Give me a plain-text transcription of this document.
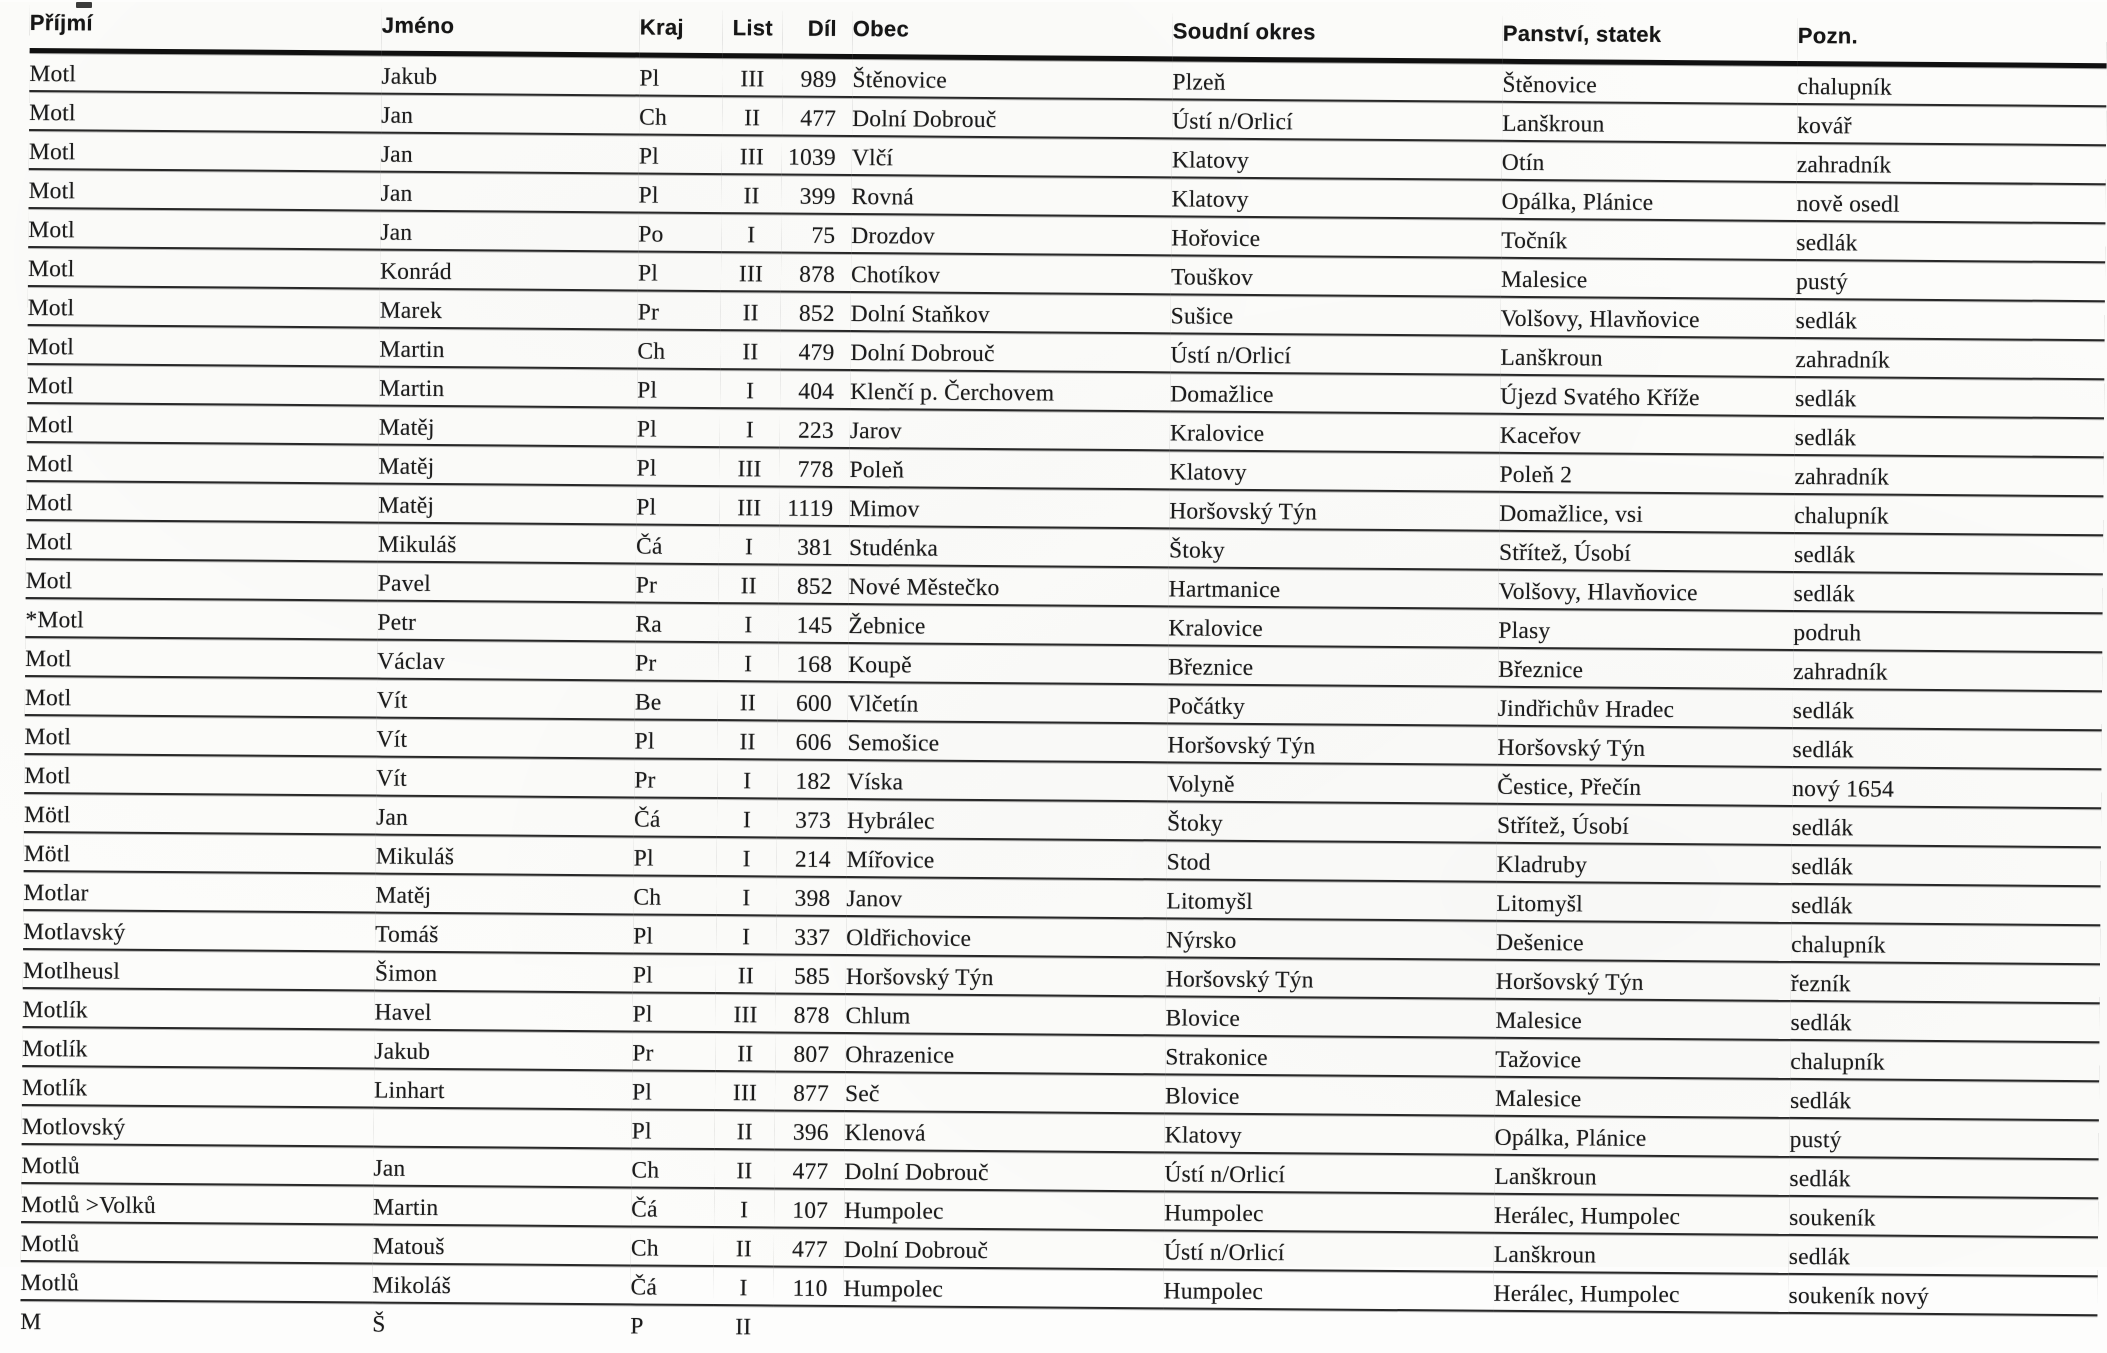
Příjmí	Jméno	Kraj	List	Díl	Obec	Soudní okres	Panství, statek	Pozn.
Motl	Jakub	Pl	III	989	Štěnovice	Plzeň	Štěnovice	chalupník
Motl	Jan	Ch	II	477	Dolní Dobrouč	Ústí n/Orlicí	Lanškroun	kovář
Motl	Jan	Pl	III	1039	Vlčí	Klatovy	Otín	zahradník
Motl	Jan	Pl	II	399	Rovná	Klatovy	Opálka, Plánice	nově osedl
Motl	Jan	Po	I	75	Drozdov	Hořovice	Točník	sedlák
Motl	Konrád	Pl	III	878	Chotíkov	Touškov	Malesice	pustý
Motl	Marek	Pr	II	852	Dolní Staňkov	Sušice	Volšovy, Hlavňovice	sedlák
Motl	Martin	Ch	II	479	Dolní Dobrouč	Ústí n/Orlicí	Lanškroun	zahradník
Motl	Martin	Pl	I	404	Klenčí p. Čerchovem	Domažlice	Újezd Svatého Kříže	sedlák
Motl	Matěj	Pl	I	223	Jarov	Kralovice	Kaceřov	sedlák
Motl	Matěj	Pl	III	778	Poleň	Klatovy	Poleň 2	zahradník
Motl	Matěj	Pl	III	1119	Mimov	Horšovský Týn	Domažlice, vsi	chalupník
Motl	Mikuláš	Čá	I	381	Studénka	Štoky	Střítež, Úsobí	sedlák
Motl	Pavel	Pr	II	852	Nové Městečko	Hartmanice	Volšovy, Hlavňovice	sedlák
*Motl	Petr	Ra	I	145	Žebnice	Kralovice	Plasy	podruh
Motl	Václav	Pr	I	168	Koupě	Březnice	Březnice	zahradník
Motl	Vít	Be	II	600	Vlčetín	Počátky	Jindřichův Hradec	sedlák
Motl	Vít	Pl	II	606	Semošice	Horšovský Týn	Horšovský Týn	sedlák
Motl	Vít	Pr	I	182	Víska	Volyně	Čestice, Přečín	nový 1654
Mötl	Jan	Čá	I	373	Hybrálec	Štoky	Střítež, Úsobí	sedlák
Mötl	Mikuláš	Pl	I	214	Mířovice	Stod	Kladruby	sedlák
Motlar	Matěj	Ch	I	398	Janov	Litomyšl	Litomyšl	sedlák
Motlavský	Tomáš	Pl	I	337	Oldřichovice	Nýrsko	Dešenice	chalupník
Motlheusl	Šimon	Pl	II	585	Horšovský Týn	Horšovský Týn	Horšovský Týn	řezník
Motlík	Havel	Pl	III	878	Chlum	Blovice	Malesice	sedlák
Motlík	Jakub	Pr	II	807	Ohrazenice	Strakonice	Tažovice	chalupník
Motlík	Linhart	Pl	III	877	Seč	Blovice	Malesice	sedlák
Motlovský		Pl	II	396	Klenová	Klatovy	Opálka, Plánice	pustý
Motlů	Jan	Ch	II	477	Dolní Dobrouč	Ústí n/Orlicí	Lanškroun	sedlák
Motlů >Volků	Martin	Čá	I	107	Humpolec	Humpolec	Herálec, Humpolec	soukeník
Motlů	Matouš	Ch	II	477	Dolní Dobrouč	Ústí n/Orlicí	Lanškroun	sedlák
Motlů	Mikoláš	Čá	I	110	Humpolec	Humpolec	Herálec, Humpolec	soukeník nový
M	Š	P	II					
